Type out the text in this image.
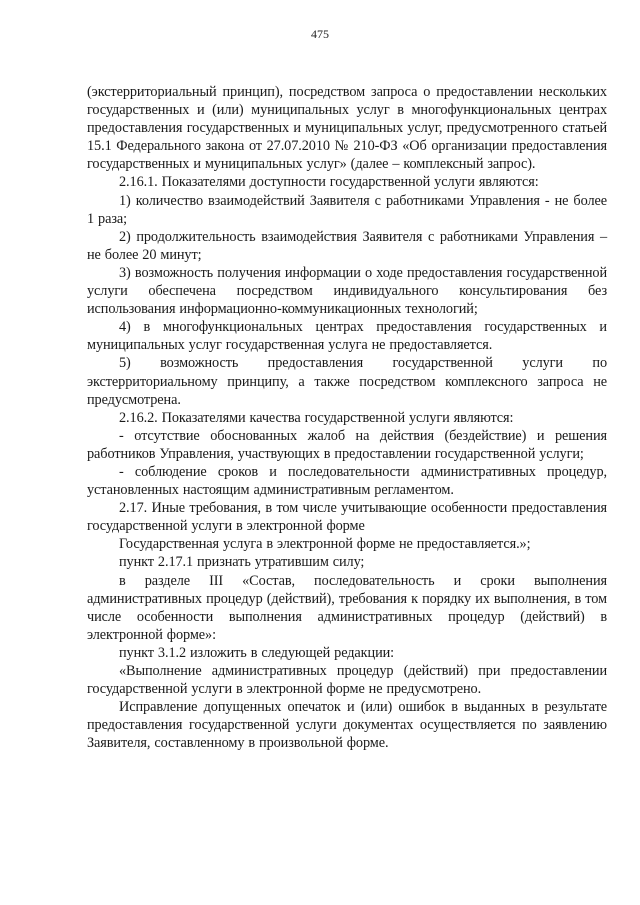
475

(экстерриториальный принцип), посредством запроса о предоставлении нескольких государственных и (или) муниципальных услуг в многофункциональных центрах предоставления государственных и муниципальных услуг, предусмотренного статьей 15.1 Федерального закона от 27.07.2010 № 210-ФЗ «Об организации предоставления государственных и муниципальных услуг» (далее – комплексный запрос).

2.16.1. Показателями доступности государственной услуги являются:

1) количество взаимодействий Заявителя с работниками Управления - не более 1 раза;

2) продолжительность взаимодействия Заявителя с работниками Управления – не более 20 минут;

3) возможность получения информации о ходе предоставления государственной услуги обеспечена посредством индивидуального консультирования без использования информационно-коммуникационных технологий;

4) в многофункциональных центрах предоставления государственных и муниципальных услуг государственная услуга не предоставляется.

5) возможность предоставления государственной услуги по экстерриториальному принципу, а также посредством комплексного запроса не предусмотрена.

2.16.2. Показателями качества государственной услуги являются:

- отсутствие обоснованных жалоб на действия (бездействие) и решения работников Управления, участвующих в предоставлении государственной услуги;

- соблюдение сроков и последовательности административных процедур, установленных настоящим административным регламентом.

2.17. Иные требования, в том числе учитывающие особенности предоставления государственной услуги в электронной форме

Государственная услуга в электронной форме не предоставляется.»;

пункт 2.17.1 признать утратившим силу;

в разделе III «Состав, последовательность и сроки выполнения административных процедур (действий), требования к порядку их выполнения, в том числе особенности выполнения административных процедур (действий) в электронной форме»:

пункт 3.1.2 изложить в следующей редакции:

«Выполнение административных процедур (действий) при предоставлении государственной услуги в электронной форме не предусмотрено.

Исправление допущенных опечаток и (или) ошибок в выданных в результате предоставления государственной услуги документах осуществляется по заявлению Заявителя, составленному в произвольной форме.
